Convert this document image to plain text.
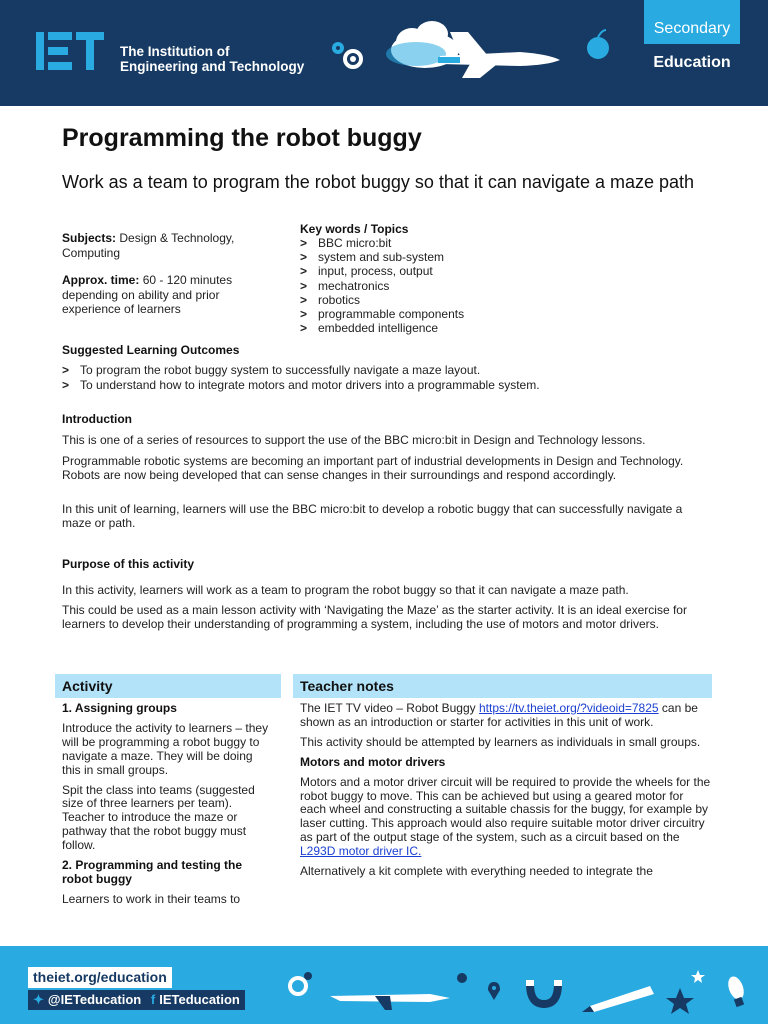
The Institution of
Engineering and Technology
Secondary
Education
Programming the robot buggy
Work as a team to program the robot buggy so that it can navigate a maze path
Subjects: Design & Technology, Computing
Approx. time: 60 - 120 minutes depending on ability and prior experience of learners
Key words / Topics
> BBC micro:bit
> system and sub-system
> input, process, output
> mechatronics
> robotics
> programmable components
> embedded intelligence
Suggested Learning Outcomes
> To program the robot buggy system to successfully navigate a maze layout.
> To understand how to integrate motors and motor drivers into a programmable system.
Introduction
This is one of a series of resources to support the use of the BBC micro:bit in Design and Technology lessons.
Programmable robotic systems are becoming an important part of industrial developments in Design and Technology. Robots are now being developed that can sense changes in their surroundings and respond accordingly.
In this unit of learning, learners will use the BBC micro:bit to develop a robotic buggy that can successfully navigate a maze or path.
Purpose of this activity
In this activity, learners will work as a team to program the robot buggy so that it can navigate a maze path.
This could be used as a main lesson activity with ‘Navigating the Maze’ as the starter activity. It is an ideal exercise for learners to develop their understanding of programming a system, including the use of motors and motor drivers.
Activity	Teacher notes
1. Assigning groups

Introduce the activity to learners – they will be programming a robot buggy to navigate a maze. They will be doing this in small groups.

Spit the class into teams (suggested size of three learners per team). Teacher to introduce the maze or pathway that the robot buggy must follow.

2. Programming and testing the robot buggy

Learners to work in their teams to

The IET TV video – Robot Buggy https://tv.theiet.org/?videoid=7825 can be shown as an introduction or starter for activities in this unit of work.

This activity should be attempted by learners as individuals in small groups.

Motors and motor drivers

Motors and a motor driver circuit will be required to provide the wheels for the robot buggy to move. This can be achieved but using a geared motor for each wheel and constructing a suitable chassis for the buggy, for example by laser cutting. This approach would also require suitable motor driver circuitry as part of the output stage of the system, such as a circuit based on the L293D motor driver IC.

Alternatively a kit complete with everything needed to integrate the

theiet.org/education
✦ @IETeducation f IETeducation
